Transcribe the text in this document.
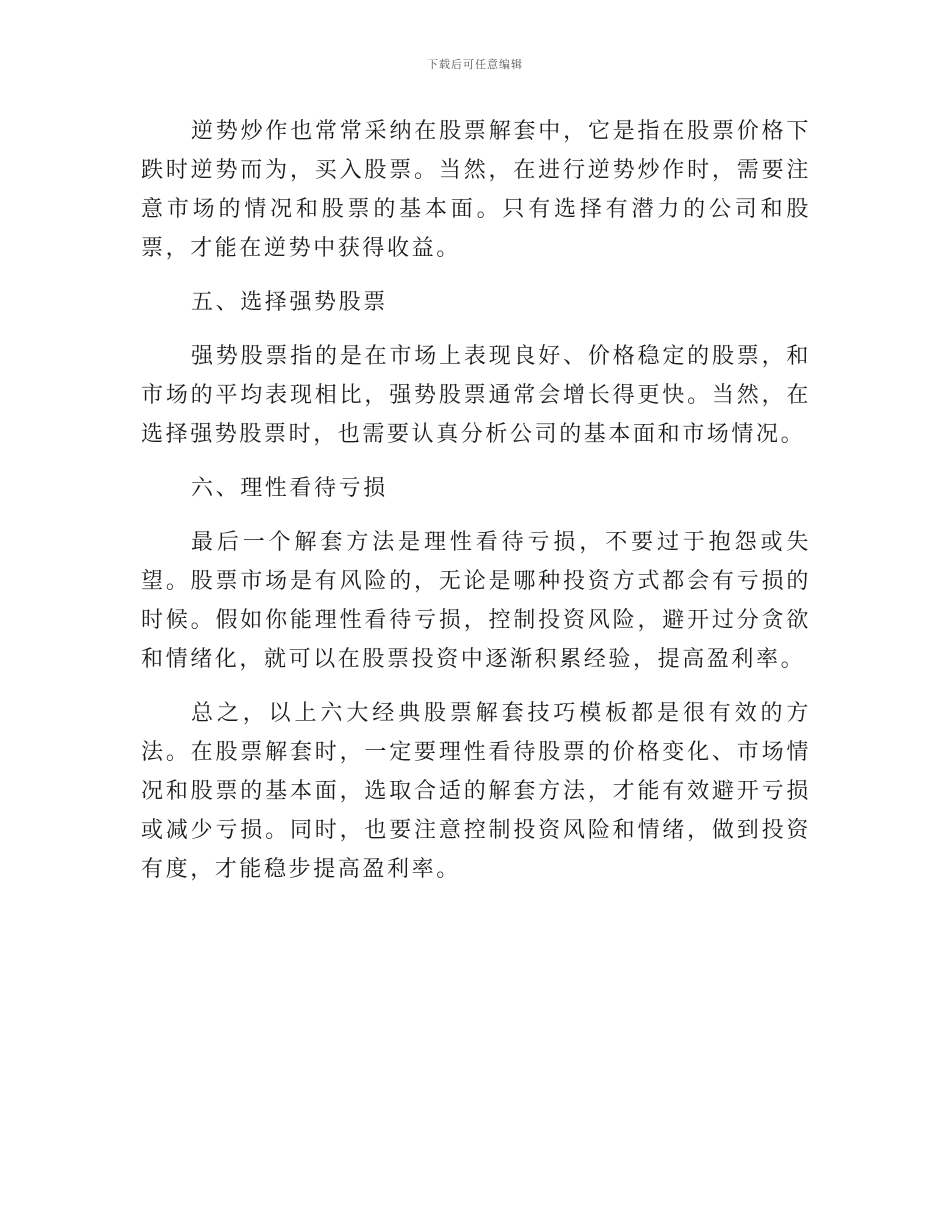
下载后可任意编辑

逆势炒作也常常采纳在股票解套中，它是指在股票价格下跌时逆势而为，买入股票。当然，在进行逆势炒作时，需要注意市场的情况和股票的基本面。只有选择有潜力的公司和股票，才能在逆势中获得收益。

五、选择强势股票

强势股票指的是在市场上表现良好、价格稳定的股票，和市场的平均表现相比，强势股票通常会增长得更快。当然，在选择强势股票时，也需要认真分析公司的基本面和市场情况。

六、理性看待亏损

最后一个解套方法是理性看待亏损，不要过于抱怨或失望。股票市场是有风险的，无论是哪种投资方式都会有亏损的时候。假如你能理性看待亏损，控制投资风险，避开过分贪欲和情绪化，就可以在股票投资中逐渐积累经验，提高盈利率。

总之，以上六大经典股票解套技巧模板都是很有效的方法。在股票解套时，一定要理性看待股票的价格变化、市场情况和股票的基本面，选取合适的解套方法，才能有效避开亏损或减少亏损。同时，也要注意控制投资风险和情绪，做到投资有度，才能稳步提高盈利率。
